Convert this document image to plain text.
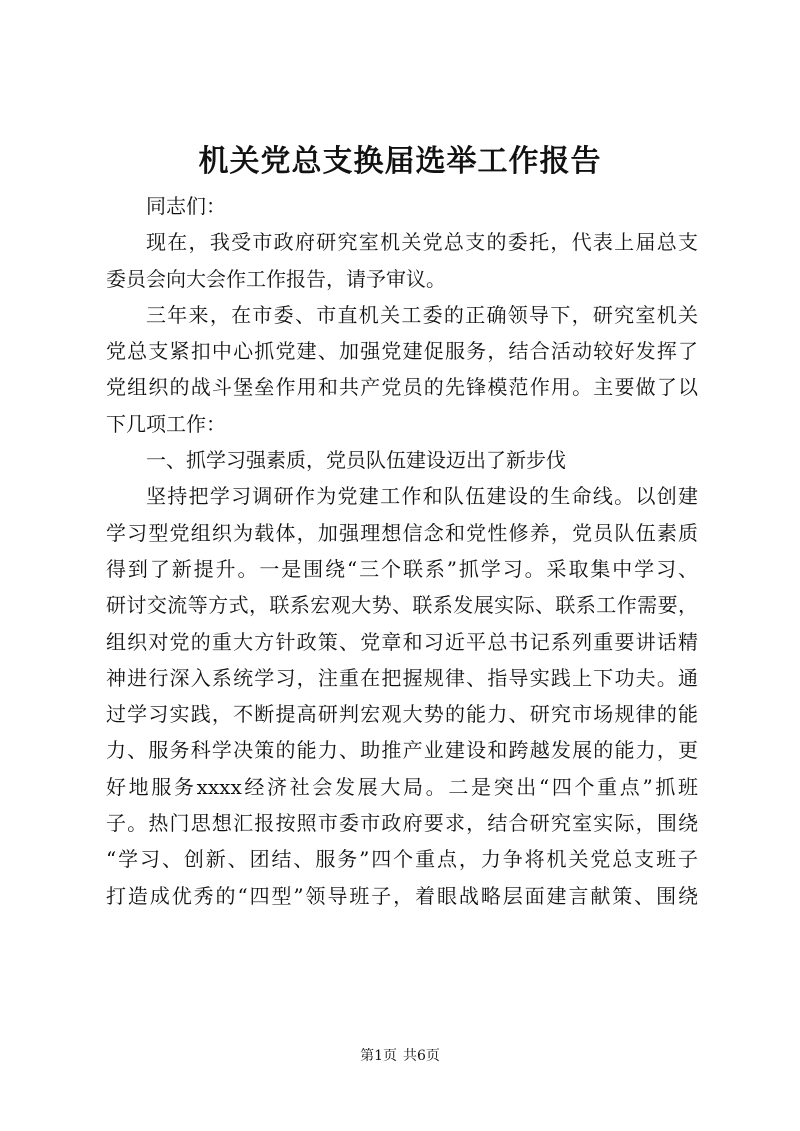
机关党总支换届选举工作报告
同志们：
现在，我受市政府研究室机关党总支的委托，代表上届总支
委员会向大会作工作报告，请予审议。
三年来，在市委、市直机关工委的正确领导下，研究室机关
党总支紧扣中心抓党建、加强党建促服务，结合活动较好发挥了
党组织的战斗堡垒作用和共产党员的先锋模范作用。主要做了以
下几项工作：
一、抓学习强素质，党员队伍建设迈出了新步伐
坚持把学习调研作为党建工作和队伍建设的生命线。以创建
学习型党组织为载体，加强理想信念和党性修养，党员队伍素质
得到了新提升。一是围绕“三个联系”抓学习。采取集中学习、
研讨交流等方式，联系宏观大势、联系发展实际、联系工作需要，
组织对党的重大方针政策、党章和习近平总书记系列重要讲话精
神进行深入系统学习，注重在把握规律、指导实践上下功夫。通
过学习实践，不断提高研判宏观大势的能力、研究市场规律的能
力、服务科学决策的能力、助推产业建设和跨越发展的能力，更
好地服务xxxx经济社会发展大局。二是突出“四个重点”抓班
子。热门思想汇报按照市委市政府要求，结合研究室实际，围绕
“学习、创新、团结、服务”四个重点，力争将机关党总支班子
打造成优秀的“四型”领导班子，着眼战略层面建言献策、围绕
第1页 共6页
